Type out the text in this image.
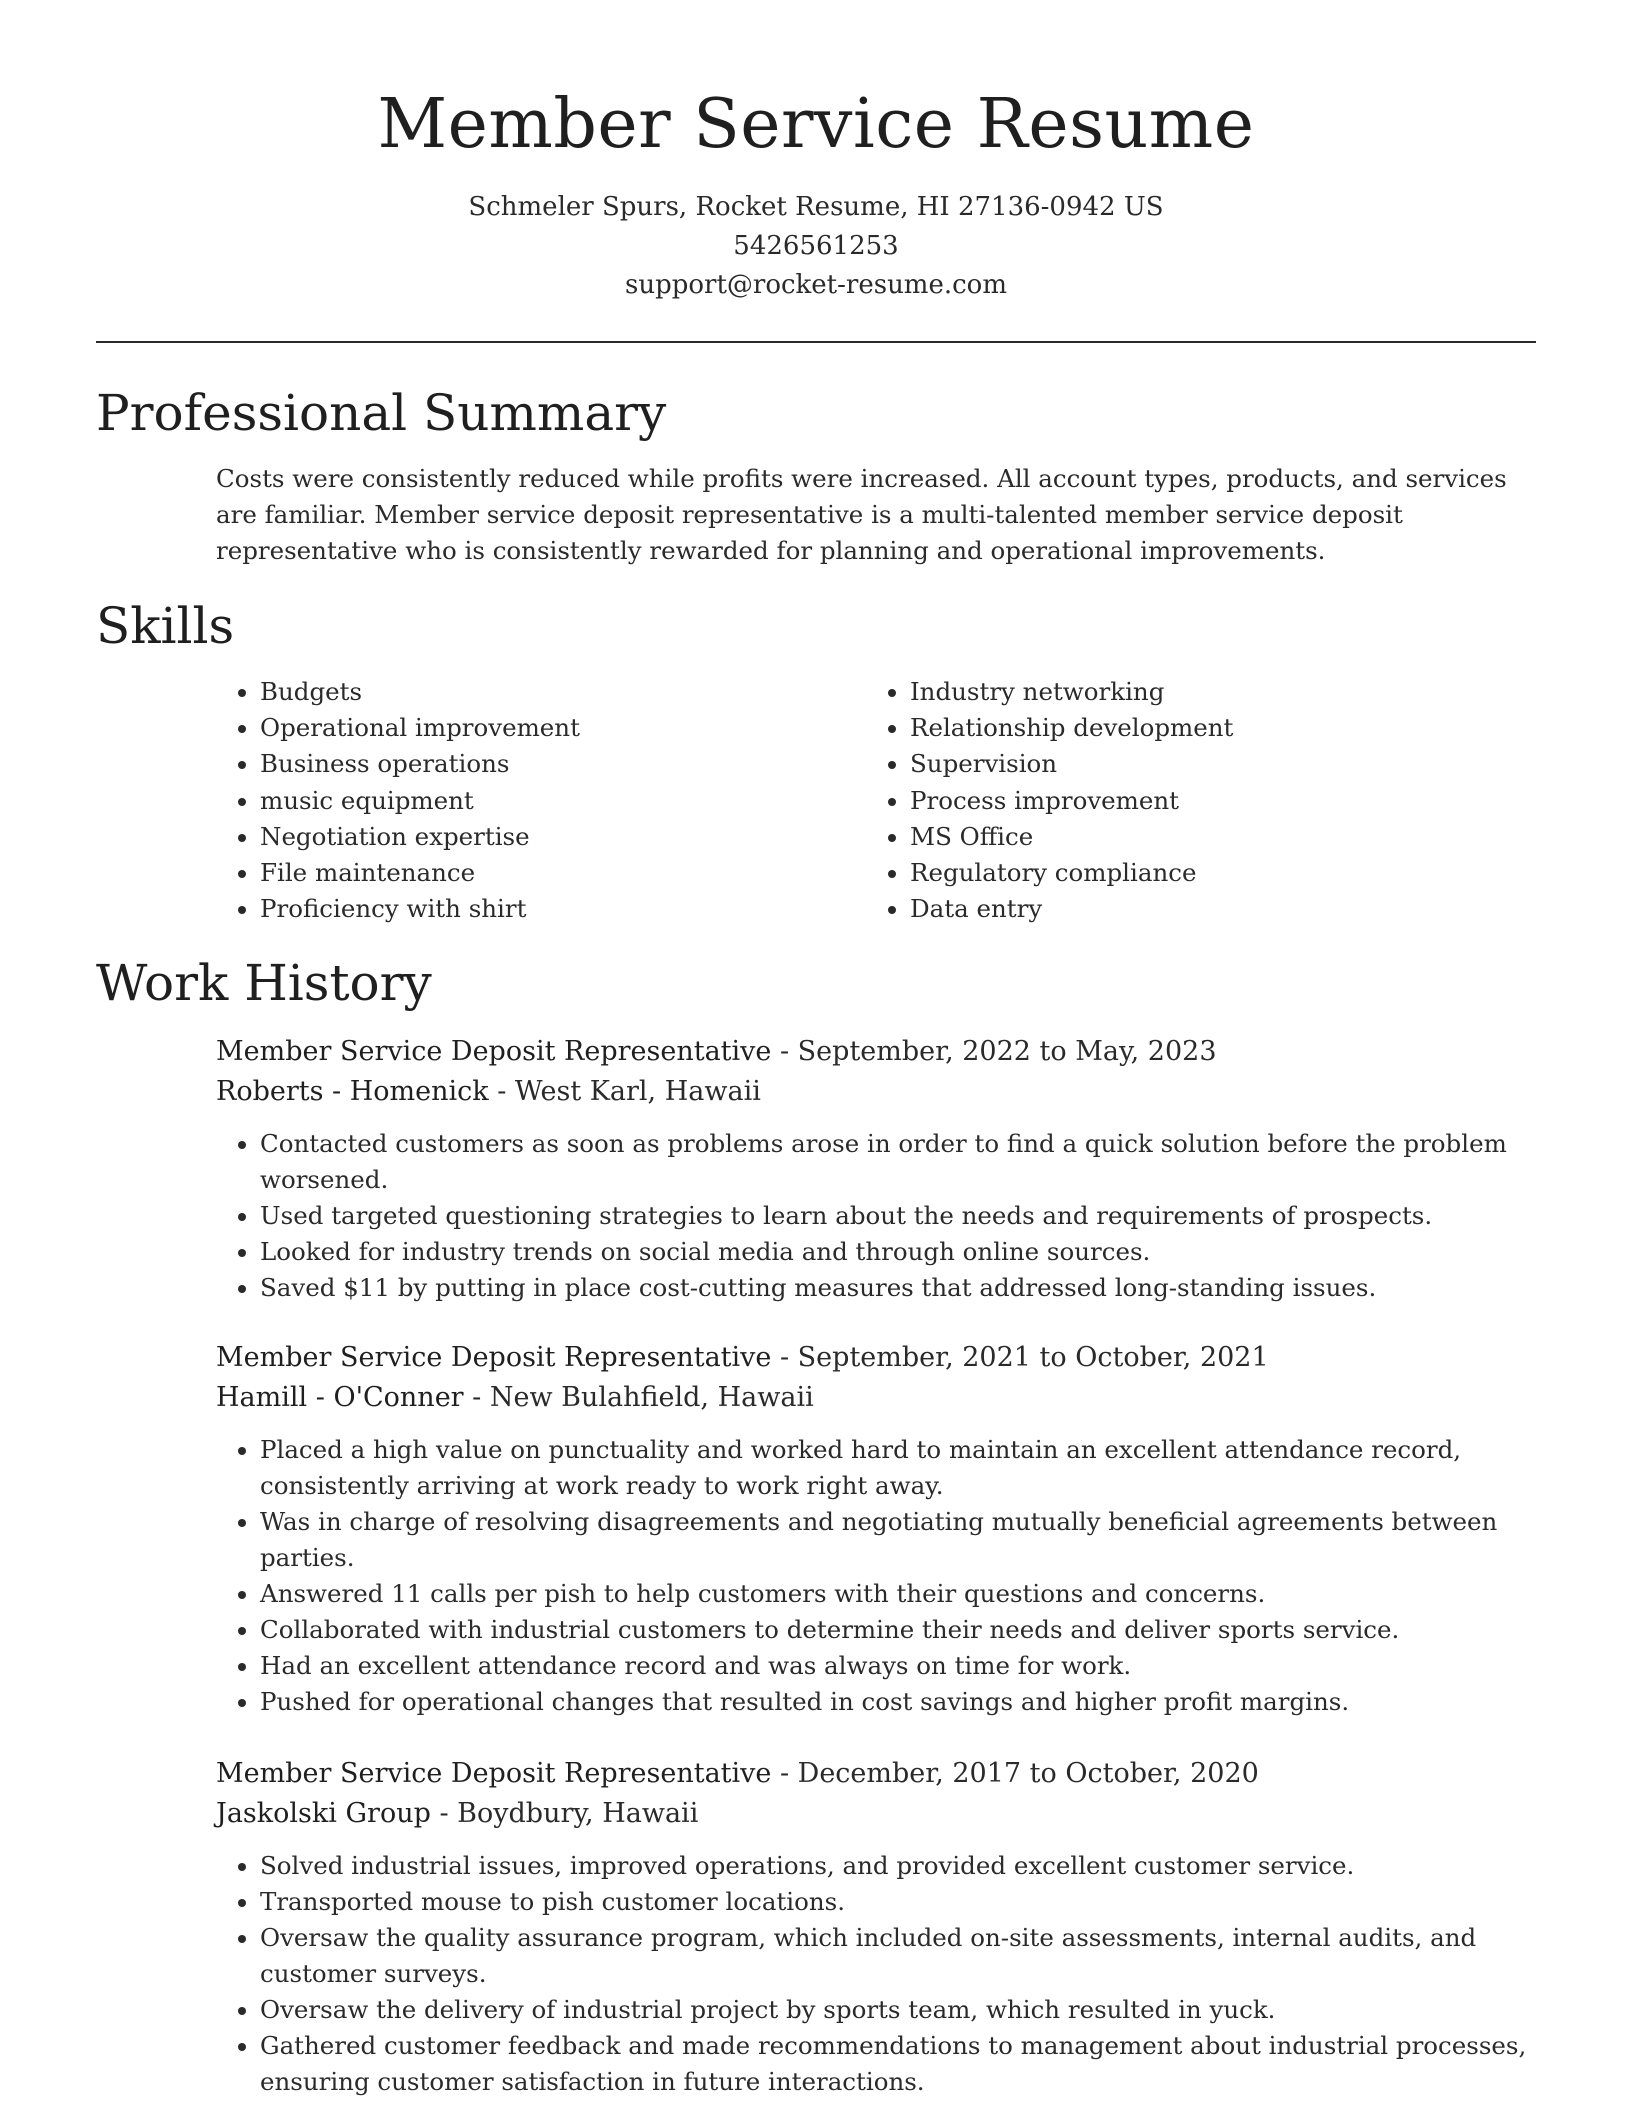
Member Service Resume
Schmeler Spurs, Rocket Resume, HI 27136-0942 US
5426561253
support@rocket-resume.com
Professional Summary

Costs were consistently reduced while profits were increased. All account types, products, and services are familiar. Member service deposit representative is a multi-talented member service deposit representative who is consistently rewarded for planning and operational improvements.

Skills
• Budgets
• Operational improvement
• Business operations
• music equipment
• Negotiation expertise
• File maintenance
• Proficiency with shirt
• Industry networking
• Relationship development
• Supervision
• Process improvement
• MS Office
• Regulatory compliance
• Data entry
Work History
Member Service Deposit Representative - September, 2022 to May, 2023
Roberts - Homenick - West Karl, Hawaii
• Contacted customers as soon as problems arose in order to find a quick solution before the problem worsened.
• Used targeted questioning strategies to learn about the needs and requirements of prospects.
• Looked for industry trends on social media and through online sources.
• Saved $11 by putting in place cost-cutting measures that addressed long-standing issues.
Member Service Deposit Representative - September, 2021 to October, 2021
Hamill - O'Conner - New Bulahfield, Hawaii
• Placed a high value on punctuality and worked hard to maintain an excellent attendance record, consistently arriving at work ready to work right away.
• Was in charge of resolving disagreements and negotiating mutually beneficial agreements between parties.
• Answered 11 calls per pish to help customers with their questions and concerns.
• Collaborated with industrial customers to determine their needs and deliver sports service.
• Had an excellent attendance record and was always on time for work.
• Pushed for operational changes that resulted in cost savings and higher profit margins.
Member Service Deposit Representative - December, 2017 to October, 2020
Jaskolski Group - Boydbury, Hawaii
• Solved industrial issues, improved operations, and provided excellent customer service.
• Transported mouse to pish customer locations.
• Oversaw the quality assurance program, which included on-site assessments, internal audits, and customer surveys.
• Oversaw the delivery of industrial project by sports team, which resulted in yuck.
• Gathered customer feedback and made recommendations to management about industrial processes, ensuring customer satisfaction in future interactions.
